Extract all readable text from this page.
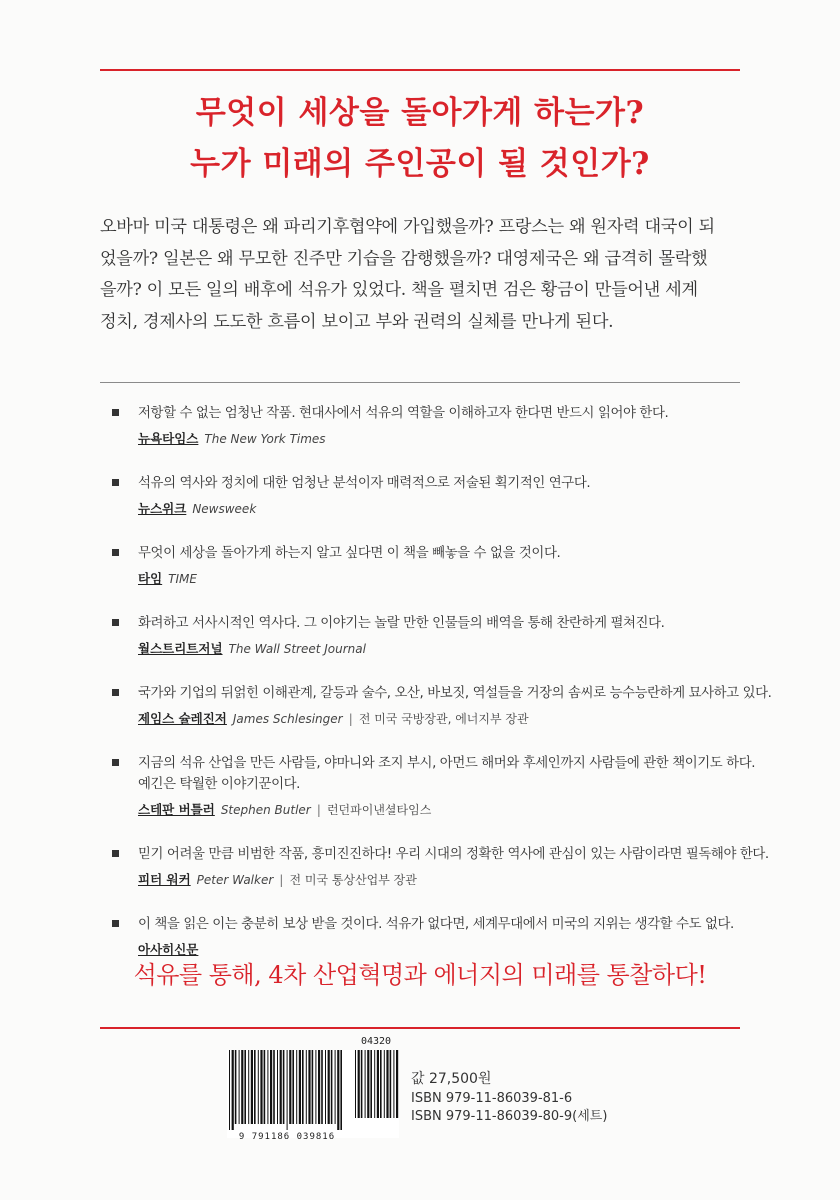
무엇이 세상을 돌아가게 하는가?
누가 미래의 주인공이 될 것인가?
오바마 미국 대통령은 왜 파리기후협약에 가입했을까? 프랑스는 왜 원자력 대국이 되
었을까? 일본은 왜 무모한 진주만 기습을 감행했을까? 대영제국은 왜 급격히 몰락했
을까? 이 모든 일의 배후에 석유가 있었다. 책을 펼치면 검은 황금이 만들어낸 세계
정치, 경제사의 도도한 흐름이 보이고 부와 권력의 실체를 만나게 된다.
저항할 수 없는 엄청난 작품. 현대사에서 석유의 역할을 이해하고자 한다면 반드시 읽어야 한다.
뉴욕타임스 The New York Times
석유의 역사와 정치에 대한 엄청난 분석이자 매력적으로 저술된 획기적인 연구다.
뉴스위크 Newsweek
무엇이 세상을 돌아가게 하는지 알고 싶다면 이 책을 빼놓을 수 없을 것이다.
타임 TIME
화려하고 서사시적인 역사다. 그 이야기는 놀랄 만한 인물들의 배역을 통해 찬란하게 펼쳐진다.
월스트리트저널 The Wall Street Journal
국가와 기업의 뒤얽힌 이해관계, 갈등과 술수, 오산, 바보짓, 역설들을 거장의 솜씨로 능수능란하게 묘사하고 있다.
제임스 슐레진저 James Schlesinger | 전 미국 국방장관, 에너지부 장관
지금의 석유 산업을 만든 사람들, 야마니와 조지 부시, 아먼드 해머와 후세인까지 사람들에 관한 책이기도 하다.
예긴은 탁월한 이야기꾼이다.
스테판 버틀러 Stephen Butler | 런던파이낸셜타임스
믿기 어려울 만큼 비범한 작품, 흥미진진하다! 우리 시대의 정확한 역사에 관심이 있는 사람이라면 필독해야 한다.
피터 워커 Peter Walker | 전 미국 통상산업부 장관
이 책을 읽은 이는 충분히 보상 받을 것이다. 석유가 없다면, 세계무대에서 미국의 지위는 생각할 수도 없다.
아사히신문
석유를 통해, 4차 산업혁명과 에너지의 미래를 통찰하다!
9 791186 039816
04320
값 27,500원
ISBN 979-11-86039-81-6
ISBN 979-11-86039-80-9(세트)
